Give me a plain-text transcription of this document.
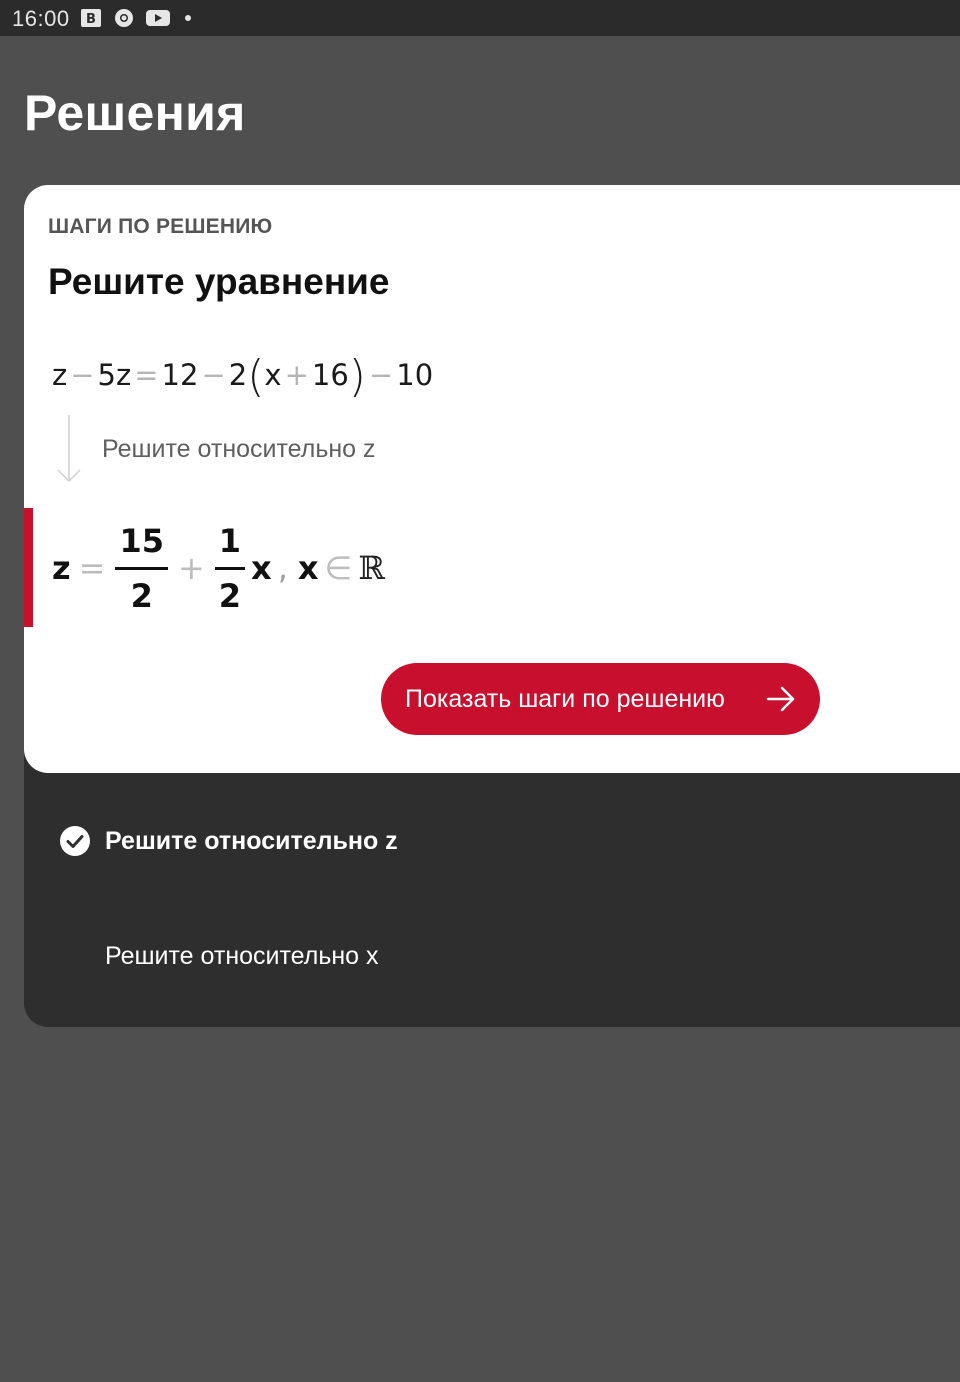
16:00 B
Решения
ШАГИ ПО РЕШЕНИЮ
Решите уравнение
z − 5z = 12 − 2(x + 16) − 10
Решите относительно z
$z = \frac{15}{2} + \frac{1}{2}$ x , x ∈ ℝ
Показать шаги по решению
Решите относительно z
Решите относительно x
